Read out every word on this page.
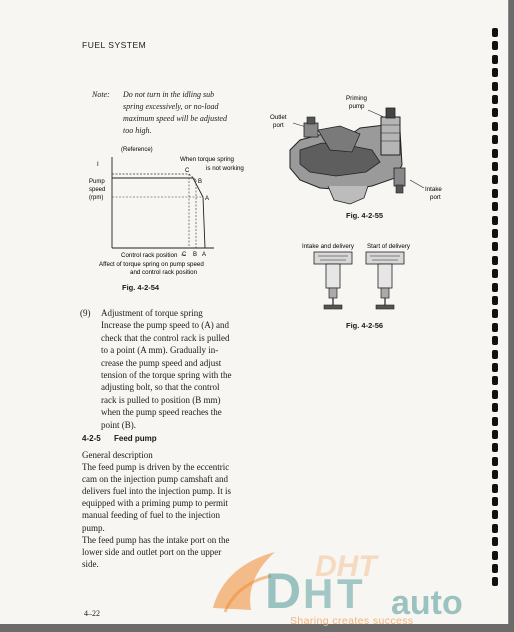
FUEL SYSTEM
Note: Do not turn in the idling sub
spring excessively, or no-load
maximum speed will be adjusted
too high.
(Reference)
When torque spring
is not working
I
Pump
speed
(rpm)
C
B
A
C B A
Control rack position
Affect of torque spring on pump speed
and control rack position
Priming
pump
Outlet
port
Intake
port
Fig. 4-2-54
Fig. 4-2-55
Intake and delivery Start of delivery
Fig. 4-2-56
(9) Adjustment of torque spring
Increase the pump speed to (A) and
check that the control rack is pulled
to a point (A mm). Gradually in-
crease the pump speed and adjust
tension of the torque spring with the
adjusting bolt, so that the control
rack is pulled to position (B mm)
when the pump speed reaches the
point (B).
4-2-5 Feed pump
General description
The feed pump is driven by the eccentric
cam on the injection pump camshaft and
delivers fuel into the injection pump. It is
equipped with a priming pump to permit
manual feeding of fuel to the injection
pump.
The feed pump has the intake port on the
lower side and outlet port on the upper
side.
4–22	D H T
DHT
auto
Sharing creates success
